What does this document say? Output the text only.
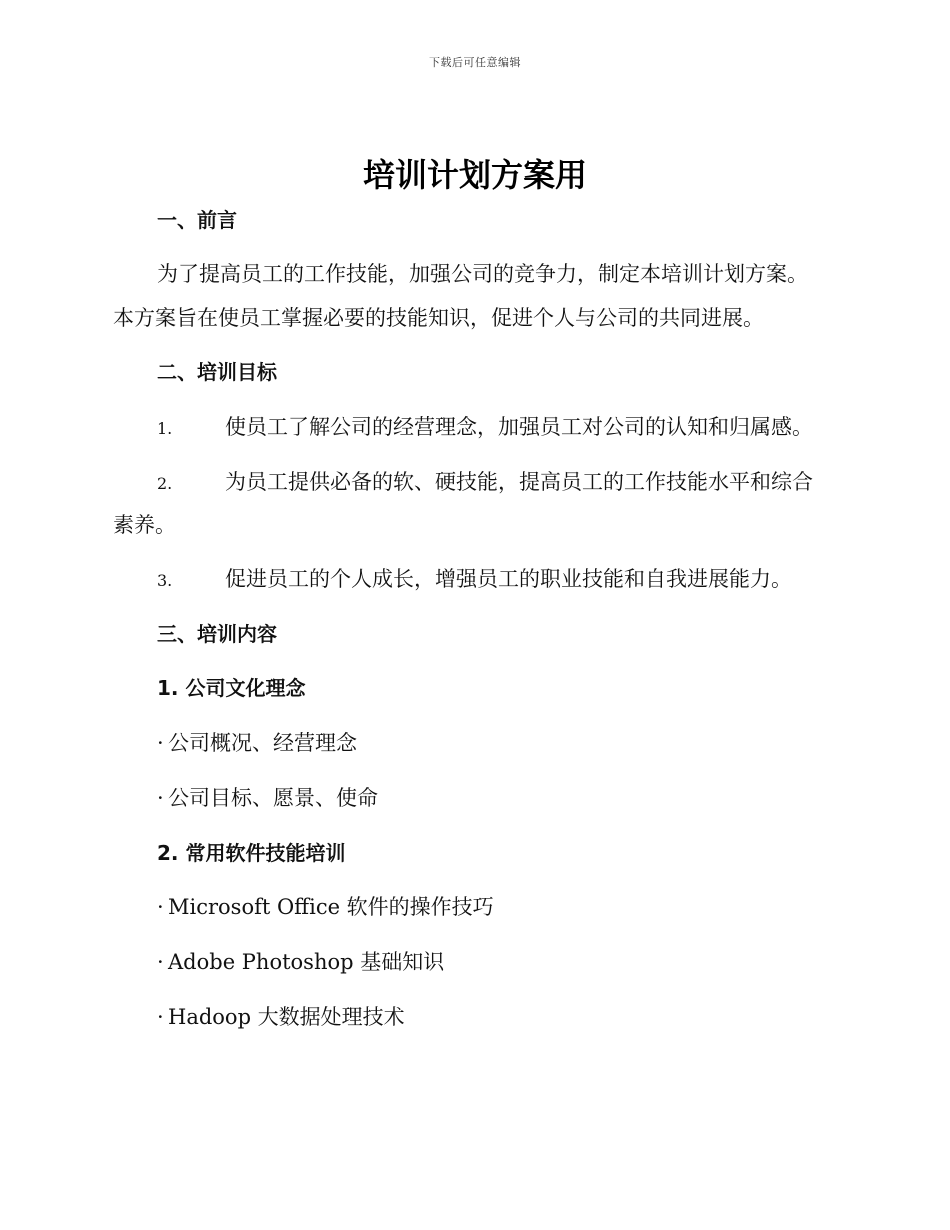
下载后可任意编辑
培训计划方案用
一、前言
为了提高员工的工作技能，加强公司的竞争力，制定本培训计划方案。
本方案旨在使员工掌握必要的技能知识，促进个人与公司的共同进展。
二、培训目标
1.	使员工了解公司的经营理念，加强员工对公司的认知和归属感。
2.	为员工提供必备的软、硬技能，提高员工的工作技能水平和综合
素养。
3.	促进员工的个人成长，增强员工的职业技能和自我进展能力。
三、培训内容
1. 公司文化理念
· 公司概况、经营理念
· 公司目标、愿景、使命
2. 常用软件技能培训
· Microsoft Office 软件的操作技巧
· Adobe Photoshop 基础知识
· Hadoop 大数据处理技术
